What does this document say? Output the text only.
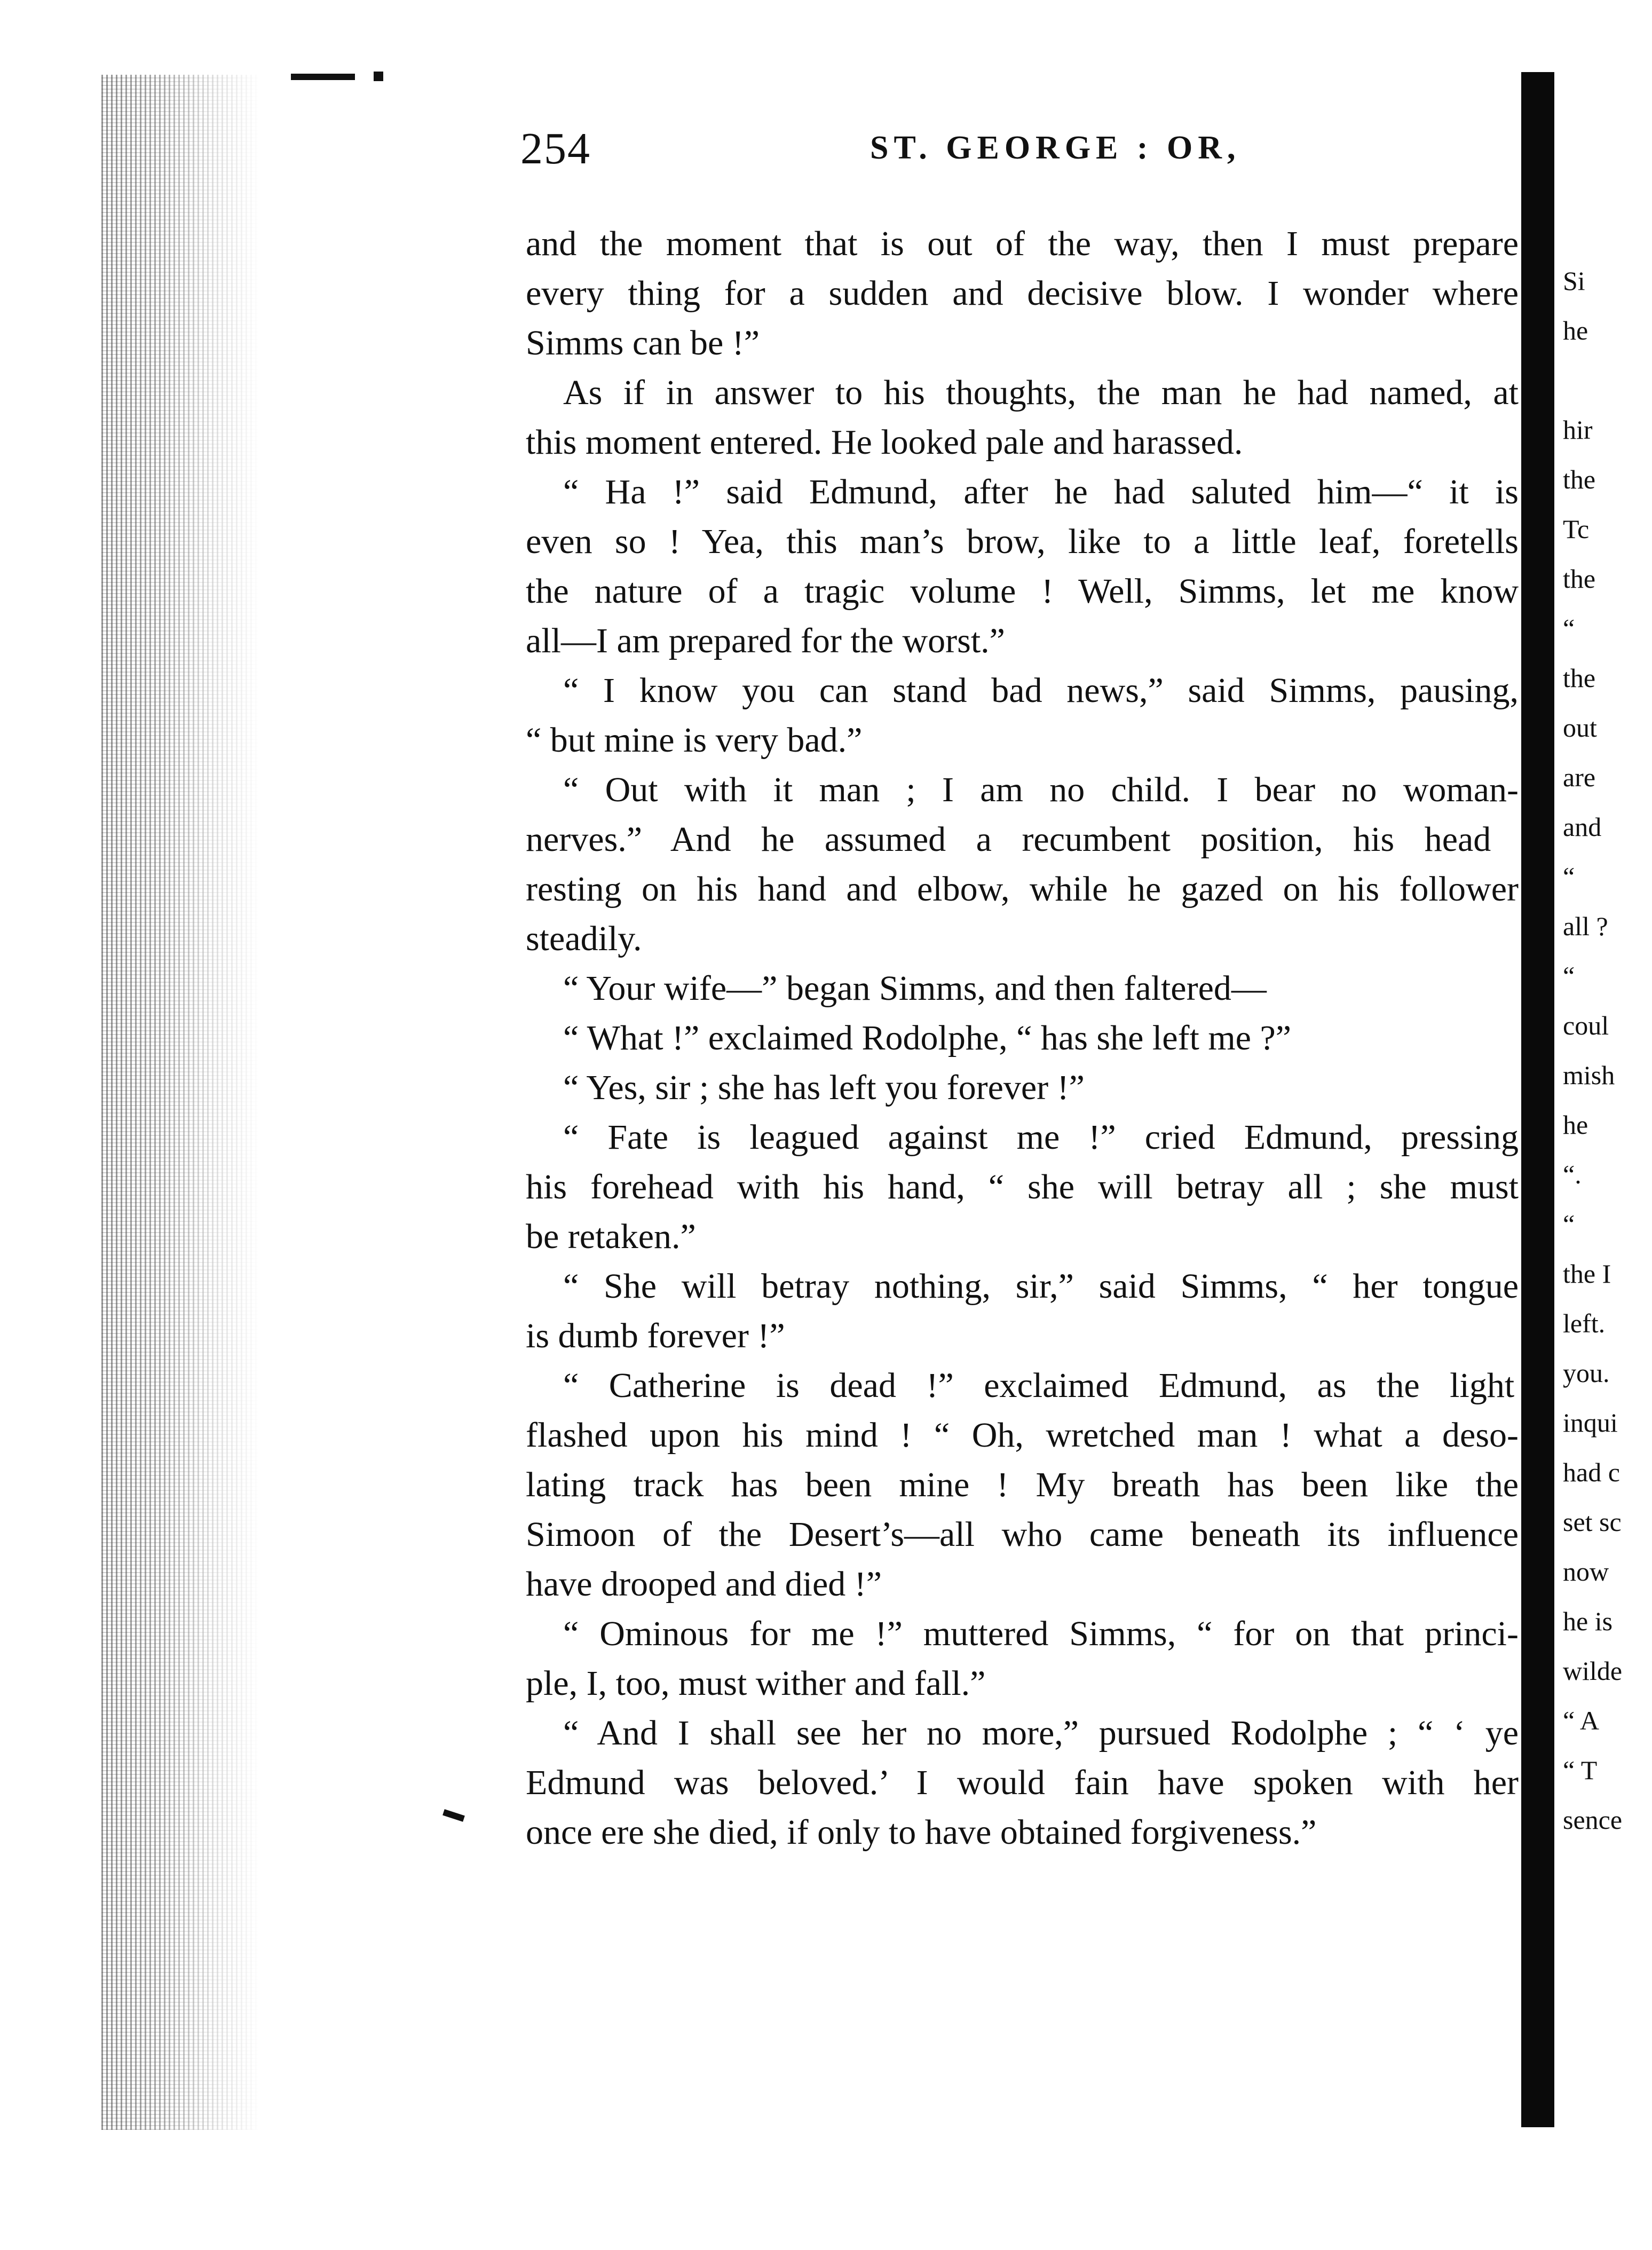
254	ST. GEORGE : OR,
and the moment that is out of the way, then I must prepare
every thing for a sudden and decisive blow. I wonder where
Simms can be !”
As if in answer to his thoughts, the man he had named, at
this moment entered. He looked pale and harassed.
“ Ha !” said Edmund, after he had saluted him—“ it is
even so ! Yea, this man’s brow, like to a little leaf, foretells
the nature of a tragic volume ! Well, Simms, let me know
all—I am prepared for the worst.”
“ I know you can stand bad news,” said Simms, pausing,
“ but mine is very bad.”
“ Out with it man ; I am no child. I bear no woman-
nerves.” And he assumed a recumbent position, his head
resting on his hand and elbow, while he gazed on his follower
steadily.
“ Your wife—” began Simms, and then faltered—
“ What !” exclaimed Rodolphe, “ has she left me ?”
“ Yes, sir ; she has left you forever !”
“ Fate is leagued against me !” cried Edmund, pressing
his forehead with his hand, “ she will betray all ; she must
be retaken.”
“ She will betray nothing, sir,” said Simms, “ her tongue
is dumb forever !”
“ Catherine is dead !” exclaimed Edmund, as the light
flashed upon his mind ! “ Oh, wretched man ! what a deso-
lating track has been mine ! My breath has been like the
Simoon of the Desert’s—all who came beneath its influence
have drooped and died !”
“ Ominous for me !” muttered Simms, “ for on that princi-
ple, I, too, must wither and fall.”
“ And I shall see her no more,” pursued Rodolphe ; “ ‘ ye
Edmund was beloved.’ I would fain have spoken with her
once ere she died, if only to have obtained forgiveness.”
Si
he
hir
the
Tc
the
“
the
out
are
and
“
all ?
“
coul
mish
he
“.
“
the I
left.
you.
inqui
had c
set sc
now
he is
wilde
“ A
“ T
sence
